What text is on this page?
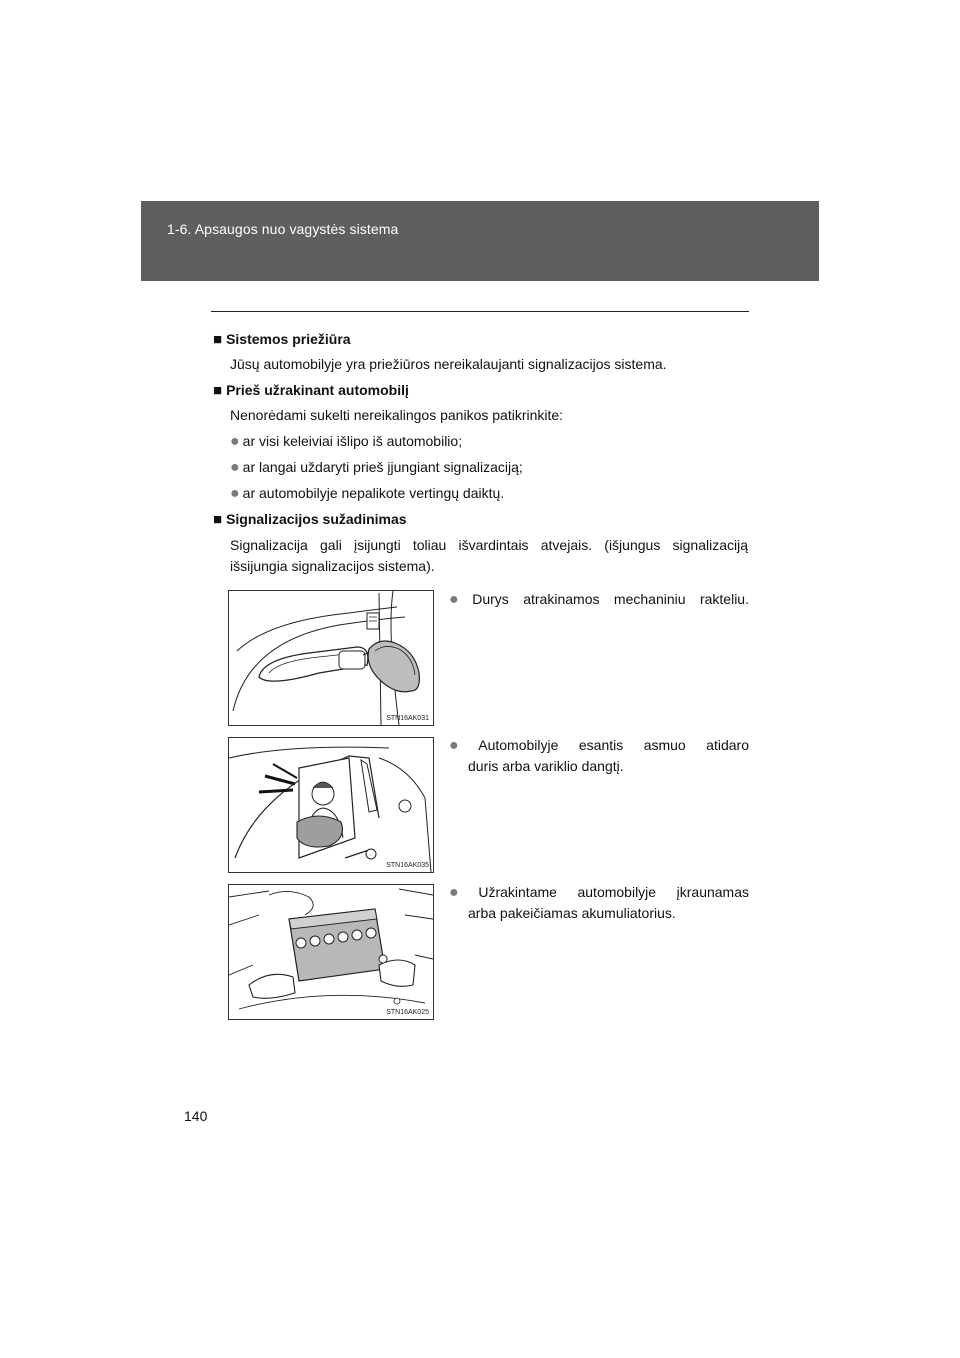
1-6. Apsaugos nuo vagystės sistema
■ Sistemos priežiūra
Jūsų automobilyje yra priežiūros nereikalaujanti signalizacijos sistema.
■ Prieš užrakinant automobilį
Nenorėdami sukelti nereikalingos panikos patikrinkite:
● ar visi keleiviai išlipo iš automobilio;
● ar langai uždaryti prieš įjungiant signalizaciją;
● ar automobilyje nepalikote vertingų daiktų.
■ Signalizacijos sužadinimas
Signalizacija gali įsijungti toliau išvardintais atvejais. (išjungus signalizaciją išsijungia signalizacijos sistema).
STN16AK031
● Durys atrakinamos mechaniniu rakteliu.
STN16AK035
● Automobilyje esantis asmuo atidaro
duris arba variklio dangtį.
STN16AK025
● Užrakintame automobilyje įkraunamas
arba pakeičiamas akumuliatorius.
140
